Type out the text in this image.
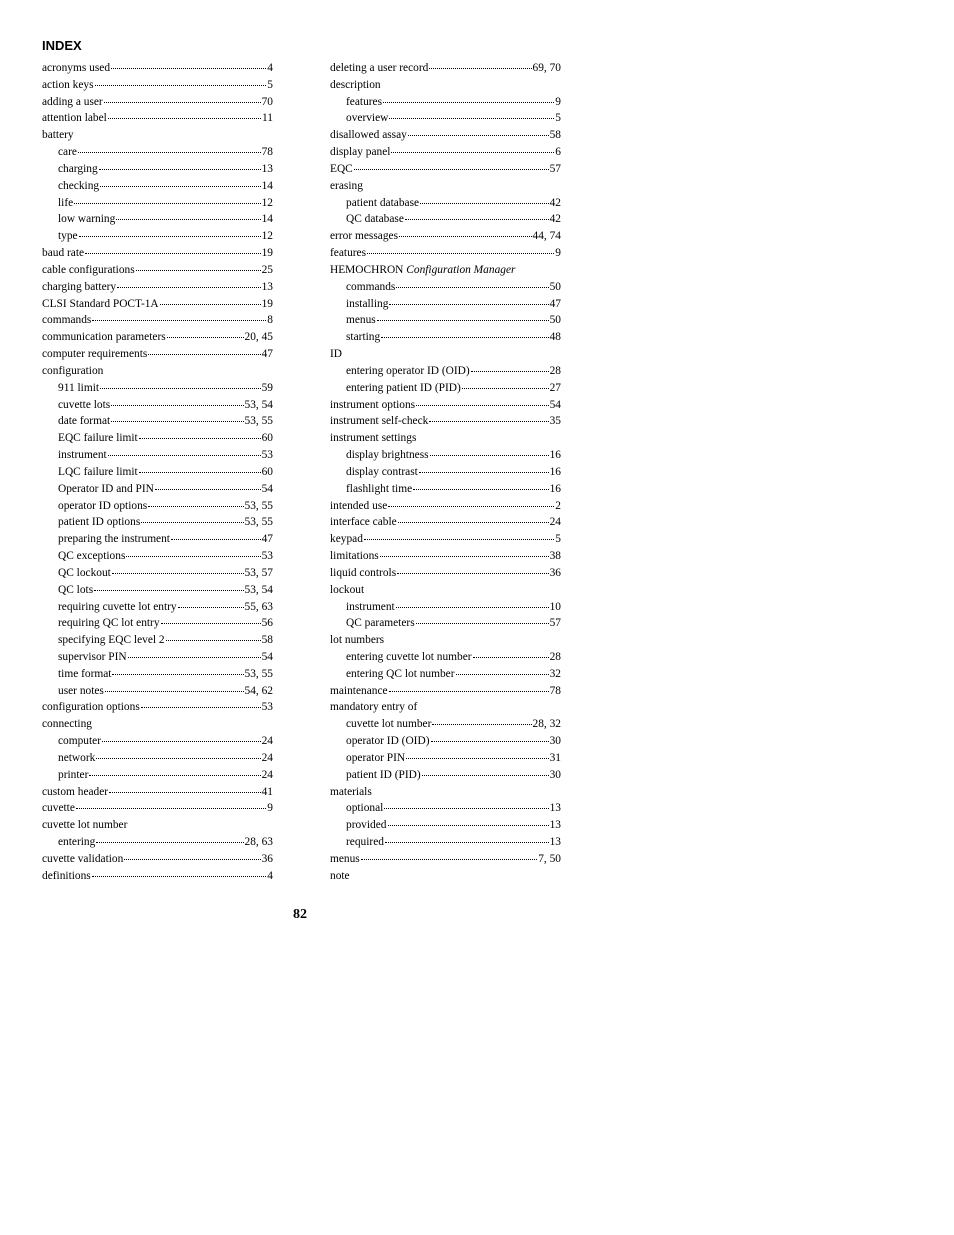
INDEX
acronyms used	4
action keys	5
adding a user	70
attention label	11
battery
care	78
charging	13
checking	14
life	12
low warning	14
type	12
baud rate	19
cable configurations	25
charging battery	13
CLSI Standard POCT-1A	19
commands	8
communication parameters	20, 45
computer requirements	47
configuration
911 limit	59
cuvette lots	53, 54
date format	53, 55
EQC failure limit	60
instrument	53
LQC failure limit	60
Operator ID and PIN	54
operator ID options	53, 55
patient ID options	53, 55
preparing the instrument	47
QC exceptions	53
QC lockout	53, 57
QC lots	53, 54
requiring cuvette lot entry	55, 63
requiring QC lot entry	56
specifying EQC level 2	58
supervisor PIN	54
time format	53, 55
user notes	54, 62
configuration options	53
connecting
computer	24
network	24
printer	24
custom header	41
cuvette	9
cuvette lot number
entering	28, 63
cuvette validation	36
definitions	4
deleting a user record	69, 70
description
features	9
overview	5
disallowed assay	58
display panel	6
EQC	57
erasing
patient database	42
QC database	42
error messages	44, 74
features	9
HEMOCHRON Configuration Manager
commands	50
installing	47
menus	50
starting	48
ID
entering operator ID (OID)	28
entering patient ID (PID)	27
instrument options	54
instrument self-check	35
instrument settings
display brightness	16
display contrast	16
flashlight time	16
intended use	2
interface cable	24
keypad	5
limitations	38
liquid controls	36
lockout
instrument	10
QC parameters	57
lot numbers
entering cuvette lot number	28
entering QC lot number	32
maintenance	78
mandatory entry of
cuvette lot number	28, 32
operator ID (OID)	30
operator PIN	31
patient ID (PID)	30
materials
optional	13
provided	13
required	13
menus	7, 50
note
82
